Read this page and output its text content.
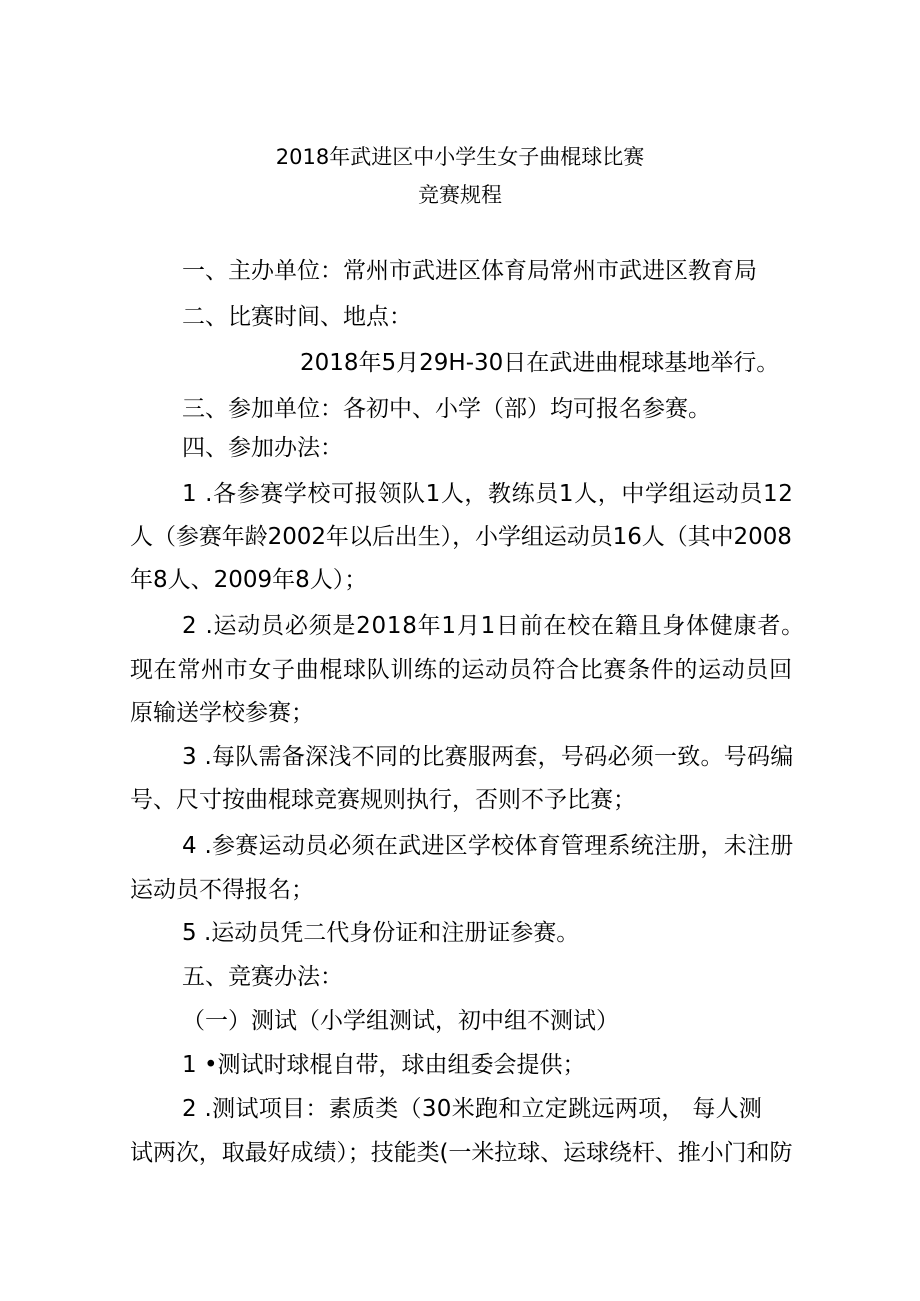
2018年武进区中小学生女子曲棍球比赛
竞赛规程

一、主办单位：常州市武进区体育局常州市武进区教育局

二、比赛时间、地点：

2018年5月29H-30日在武进曲棍球基地举行。

三、参加单位：各初中、小学（部）均可报名参赛。

四、参加办法：

1 .各参赛学校可报领队1人，教练员1人，中学组运动员12

人（参赛年龄2002年以后出生），小学组运动员16人（其中2008

年8人、2009年8人）；

2 .运动员必须是2018年1月1日前在校在籍且身体健康者。

现在常州市女子曲棍球队训练的运动员符合比赛条件的运动员回

原输送学校参赛；

3 .每队需备深浅不同的比赛服两套，号码必须一致。号码编

号、尺寸按曲棍球竞赛规则执行，否则不予比赛；

4 .参赛运动员必须在武进区学校体育管理系统注册，未注册

运动员不得报名；

5 .运动员凭二代身份证和注册证参赛。

五、竞赛办法：

（一）测试（小学组测试，初中组不测试）

1 •测试时球棍自带，球由组委会提供；

2 .测试项目：素质类（30米跑和立定跳远两项， 每人测

试两次，取最好成绩）；技能类(一米拉球、运球绕杆、推小门和防
